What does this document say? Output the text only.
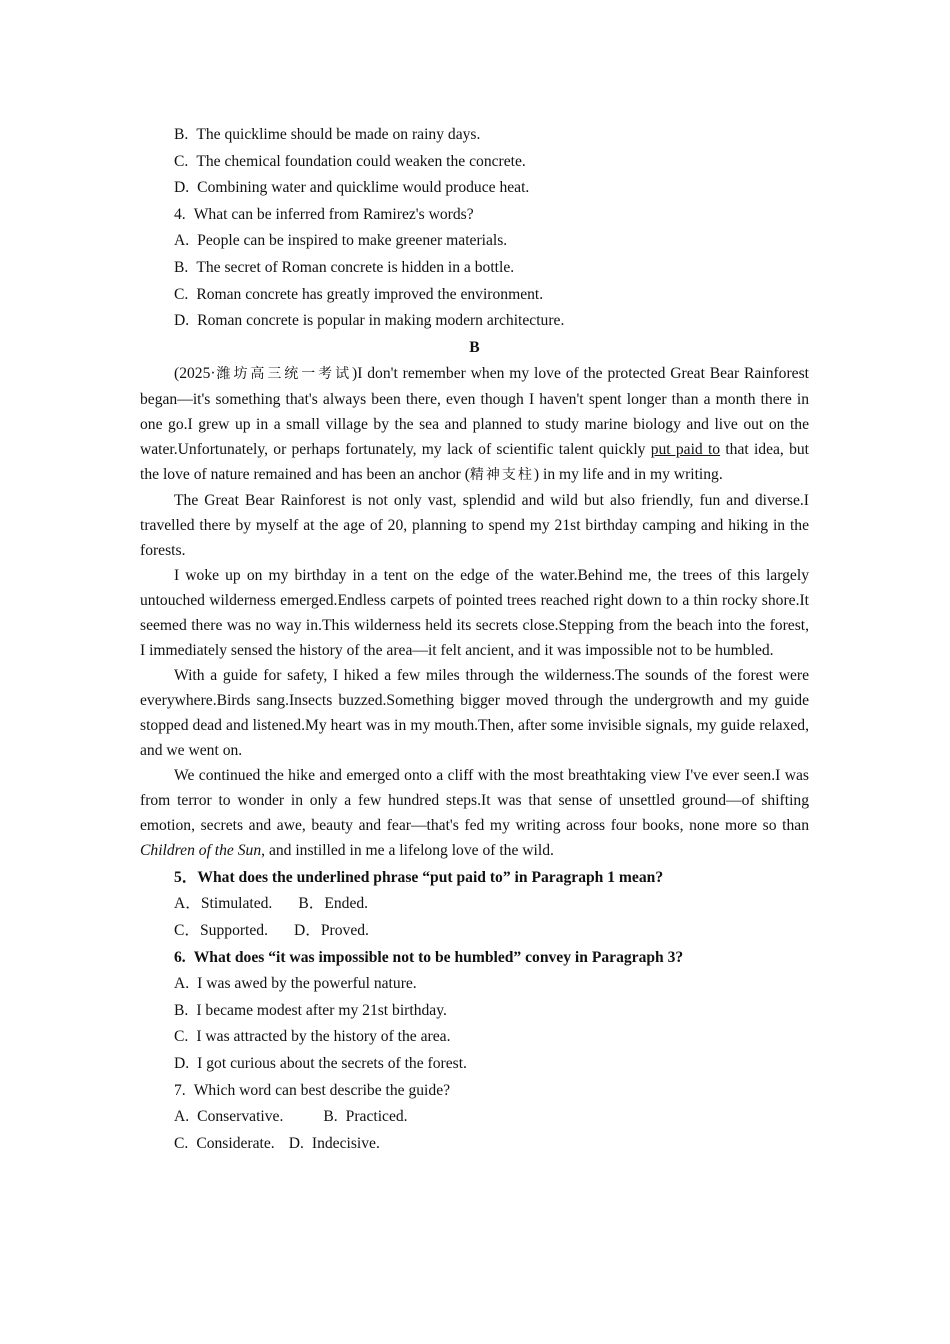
B. The quicklime should be made on rainy days.
C. The chemical foundation could weaken the concrete.
D. Combining water and quicklime would produce heat.
4. What can be inferred from Ramirez's words?
A. People can be inspired to make greener materials.
B. The secret of Roman concrete is hidden in a bottle.
C. Roman concrete has greatly improved the environment.
D. Roman concrete is popular in making modern architecture.
B

(2025·潍坊高三统一考试)I don't remember when my love of the protected Great Bear Rainforest began—it's something that's always been there, even though I haven't spent longer than a month there in one go.I grew up in a small village by the sea and planned to study marine biology and live out on the water.Unfortunately, or perhaps fortunately, my lack of scientific talent quickly put paid to that idea, but the love of nature remained and has been an anchor (精神支柱) in my life and in my writing.

The Great Bear Rainforest is not only vast, splendid and wild but also friendly, fun and diverse.I travelled there by myself at the age of 20, planning to spend my 21st birthday camping and hiking in the forests.

I woke up on my birthday in a tent on the edge of the water.Behind me, the trees of this largely untouched wilderness emerged.Endless carpets of pointed trees reached right down to a thin rocky shore.It seemed there was no way in.This wilderness held its secrets close.Stepping from the beach into the forest, I immediately sensed the history of the area—it felt ancient, and it was impossible not to be humbled.

With a guide for safety, I hiked a few miles through the wilderness.The sounds of the forest were everywhere.Birds sang.Insects buzzed.Something bigger moved through the undergrowth and my guide stopped dead and listened.My heart was in my mouth.Then, after some invisible signals, my guide relaxed, and we went on.

We continued the hike and emerged onto a cliff with the most breathtaking view I've ever seen.I was from terror to wonder in only a few hundred steps.It was that sense of unsettled ground—of shifting emotion, secrets and awe, beauty and fear—that's fed my writing across four books, none more so than Children of the Sun, and instilled in me a lifelong love of the wild.

5．What does the underlined phrase “put paid to” in Paragraph 1 mean?
A．Stimulated. B．Ended.
C．Supported. D．Proved.
6. What does “it was impossible not to be humbled” convey in Paragraph 3?
A. I was awed by the powerful nature.
B. I became modest after my 21st birthday.
C. I was attracted by the history of the area.
D. I got curious about the secrets of the forest.
7. Which word can best describe the guide?
A. Conservative.	B. Practiced.
C. Considerate. D. Indecisive.
